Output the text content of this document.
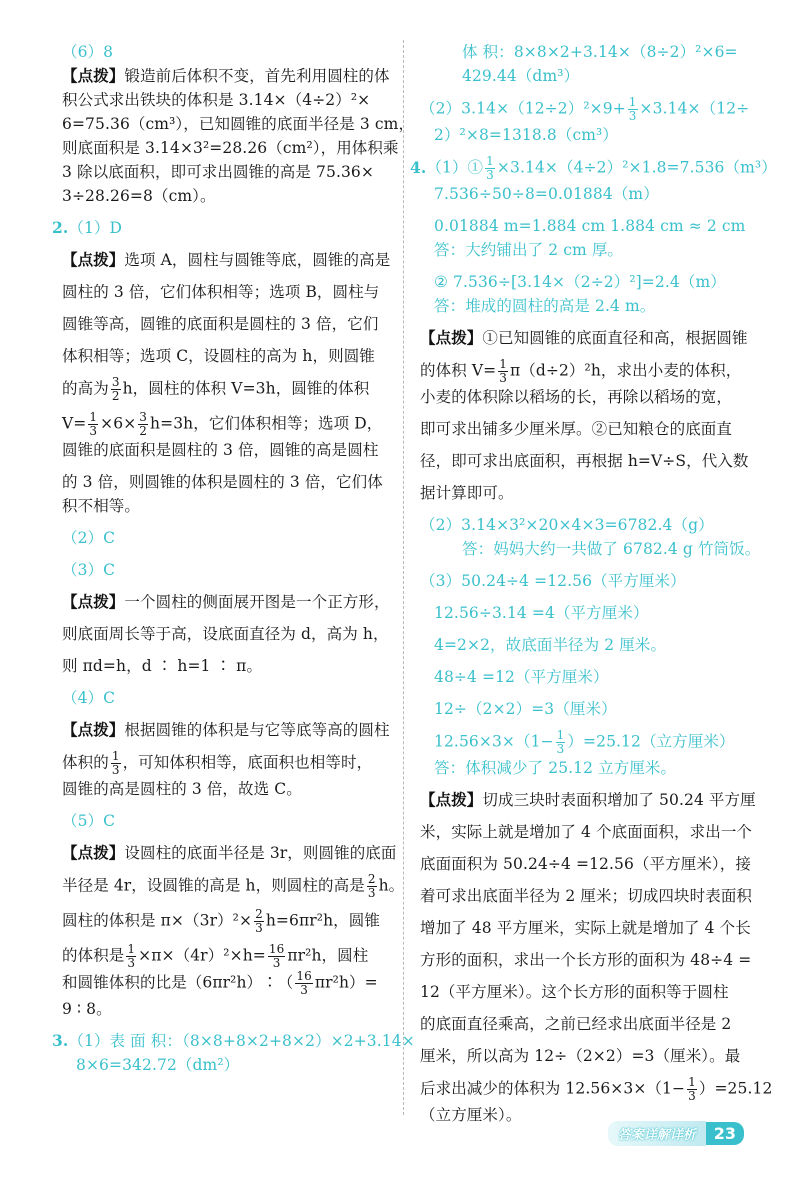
（6）8

【点拨】锻造前后体积不变，首先利用圆柱的体

积公式求出铁块的体积是 3.14×（4÷2）²×

6=75.36（cm³），已知圆锥的底面半径是 3 cm，

则底面积是 3.14×3²=28.26（cm²），用体积乘

3 除以底面积，即可求出圆锥的高是 75.36×

3÷28.26=8（cm）。

2.（1）D

【点拨】选项 A，圆柱与圆锥等底，圆锥的高是

圆柱的 3 倍，它们体积相等；选项 B，圆柱与

圆锥等高，圆锥的底面积是圆柱的 3 倍，它们

体积相等；选项 C，设圆柱的高为 h，则圆锥

的高为 $\frac{3}{2}$ h，圆柱的体积 V=3h，圆锥的体积

$V= \frac{1}{3} \times 6\times \frac{3}{2} h=3h$，它们体积相等；选项 D，

圆锥的底面积是圆柱的 3 倍，圆锥的高是圆柱

的 3 倍，则圆锥的体积是圆柱的 3 倍，它们体

积不相等。

（2）C

（3）C

【点拨】一个圆柱的侧面展开图是一个正方形，

则底面周长等于高，设底面直径为 d，高为 h，

则 πd=h，d ∶ h=1 ∶ π。

（4）C

【点拨】根据圆锥的体积是与它等底等高的圆柱

体积的 $\frac{1}{3}$ ，可知体积相等，底面积也相等时，

圆锥的高是圆柱的 3 倍，故选 C。

（5）C

【点拨】设圆柱的底面半径是 3r，则圆锥的底面

半径是 4r，设圆锥的高是 h，则圆柱的高是 $\frac{2}{3}$ h。

圆柱的体积是 $\pi\times(3r)^2\times \frac{2}{3} h=6\pi r^2h$，圆锥

的体积是 $\frac{1}{3} \times\pi\times(4r)^2\times h= \frac{16}{3} \pi r^2h$，圆柱

和圆锥体积的比是（6πr²h）∶（ $\frac{16}{3} \pi r^2h)=$

9 ∶ 8。

3.（1）表 面 积：（8×8+8×2+8×2）×2+3.14×

8×6=342.72（dm²）

体 积：8×8×2+3.14×（8÷2）²×6=

429.44（dm³）

$(2)3.14\times(12\div 2)^2\times 9+ \frac{1}{3} \times 3.14\times(12\div$

2）²×8=1318.8（cm³）

4.（1）① $\frac{1}{3} \times 3.14\times(4\div 2)^2\times 1.8=7.536(m^3)$

7.536÷50÷8=0.01884（m）

0.01884 m=1.884 cm 1.884 cm ≈ 2 cm

答：大约铺出了 2 cm 厚。

② 7.536÷[3.14×（2÷2）²]=2.4（m）

答：堆成的圆柱的高是 2.4 m。

【点拨】①已知圆锥的底面直径和高，根据圆锥

的体积 $V= \frac{1}{3} \pi(d\div 2)^2h$，求出小麦的体积，

小麦的体积除以稻场的长，再除以稻场的宽，

即可求出铺多少厘米厚。②已知粮仓的底面直

径，即可求出底面积，再根据 h=V÷S，代入数

据计算即可。

（2）3.14×3²×20×4×3=6782.4（g）

答：妈妈大约一共做了 6782.4 g 竹筒饭。

（3）50.24÷4 =12.56（平方厘米）

12.56÷3.14 =4（平方厘米）

4=2×2，故底面半径为 2 厘米。

48÷4 =12（平方厘米）

12÷（2×2）=3（厘米）

$12.56\times 3\times(1- \frac{1}{3} )=25.12$（立方厘米）

答：体积减少了 25.12 立方厘米。

【点拨】切成三块时表面积增加了 50.24 平方厘

米，实际上就是增加了 4 个底面面积，求出一个

底面面积为 50.24÷4 =12.56（平方厘米），接

着可求出底面半径为 2 厘米；切成四块时表面积

增加了 48 平方厘米，实际上就是增加了 4 个长

方形的面积，求出一个长方形的面积为 48÷4 =

12（平方厘米）。这个长方形的面积等于圆柱

的底面直径乘高，之前已经求出底面半径是 2

厘米，所以高为 12÷（2×2）=3（厘米）。最

后求出减少的体积为 $12.56\times 3\times(1- \frac{1}{3} )=25.12$

（立方厘米）。

答案详解详析	23
